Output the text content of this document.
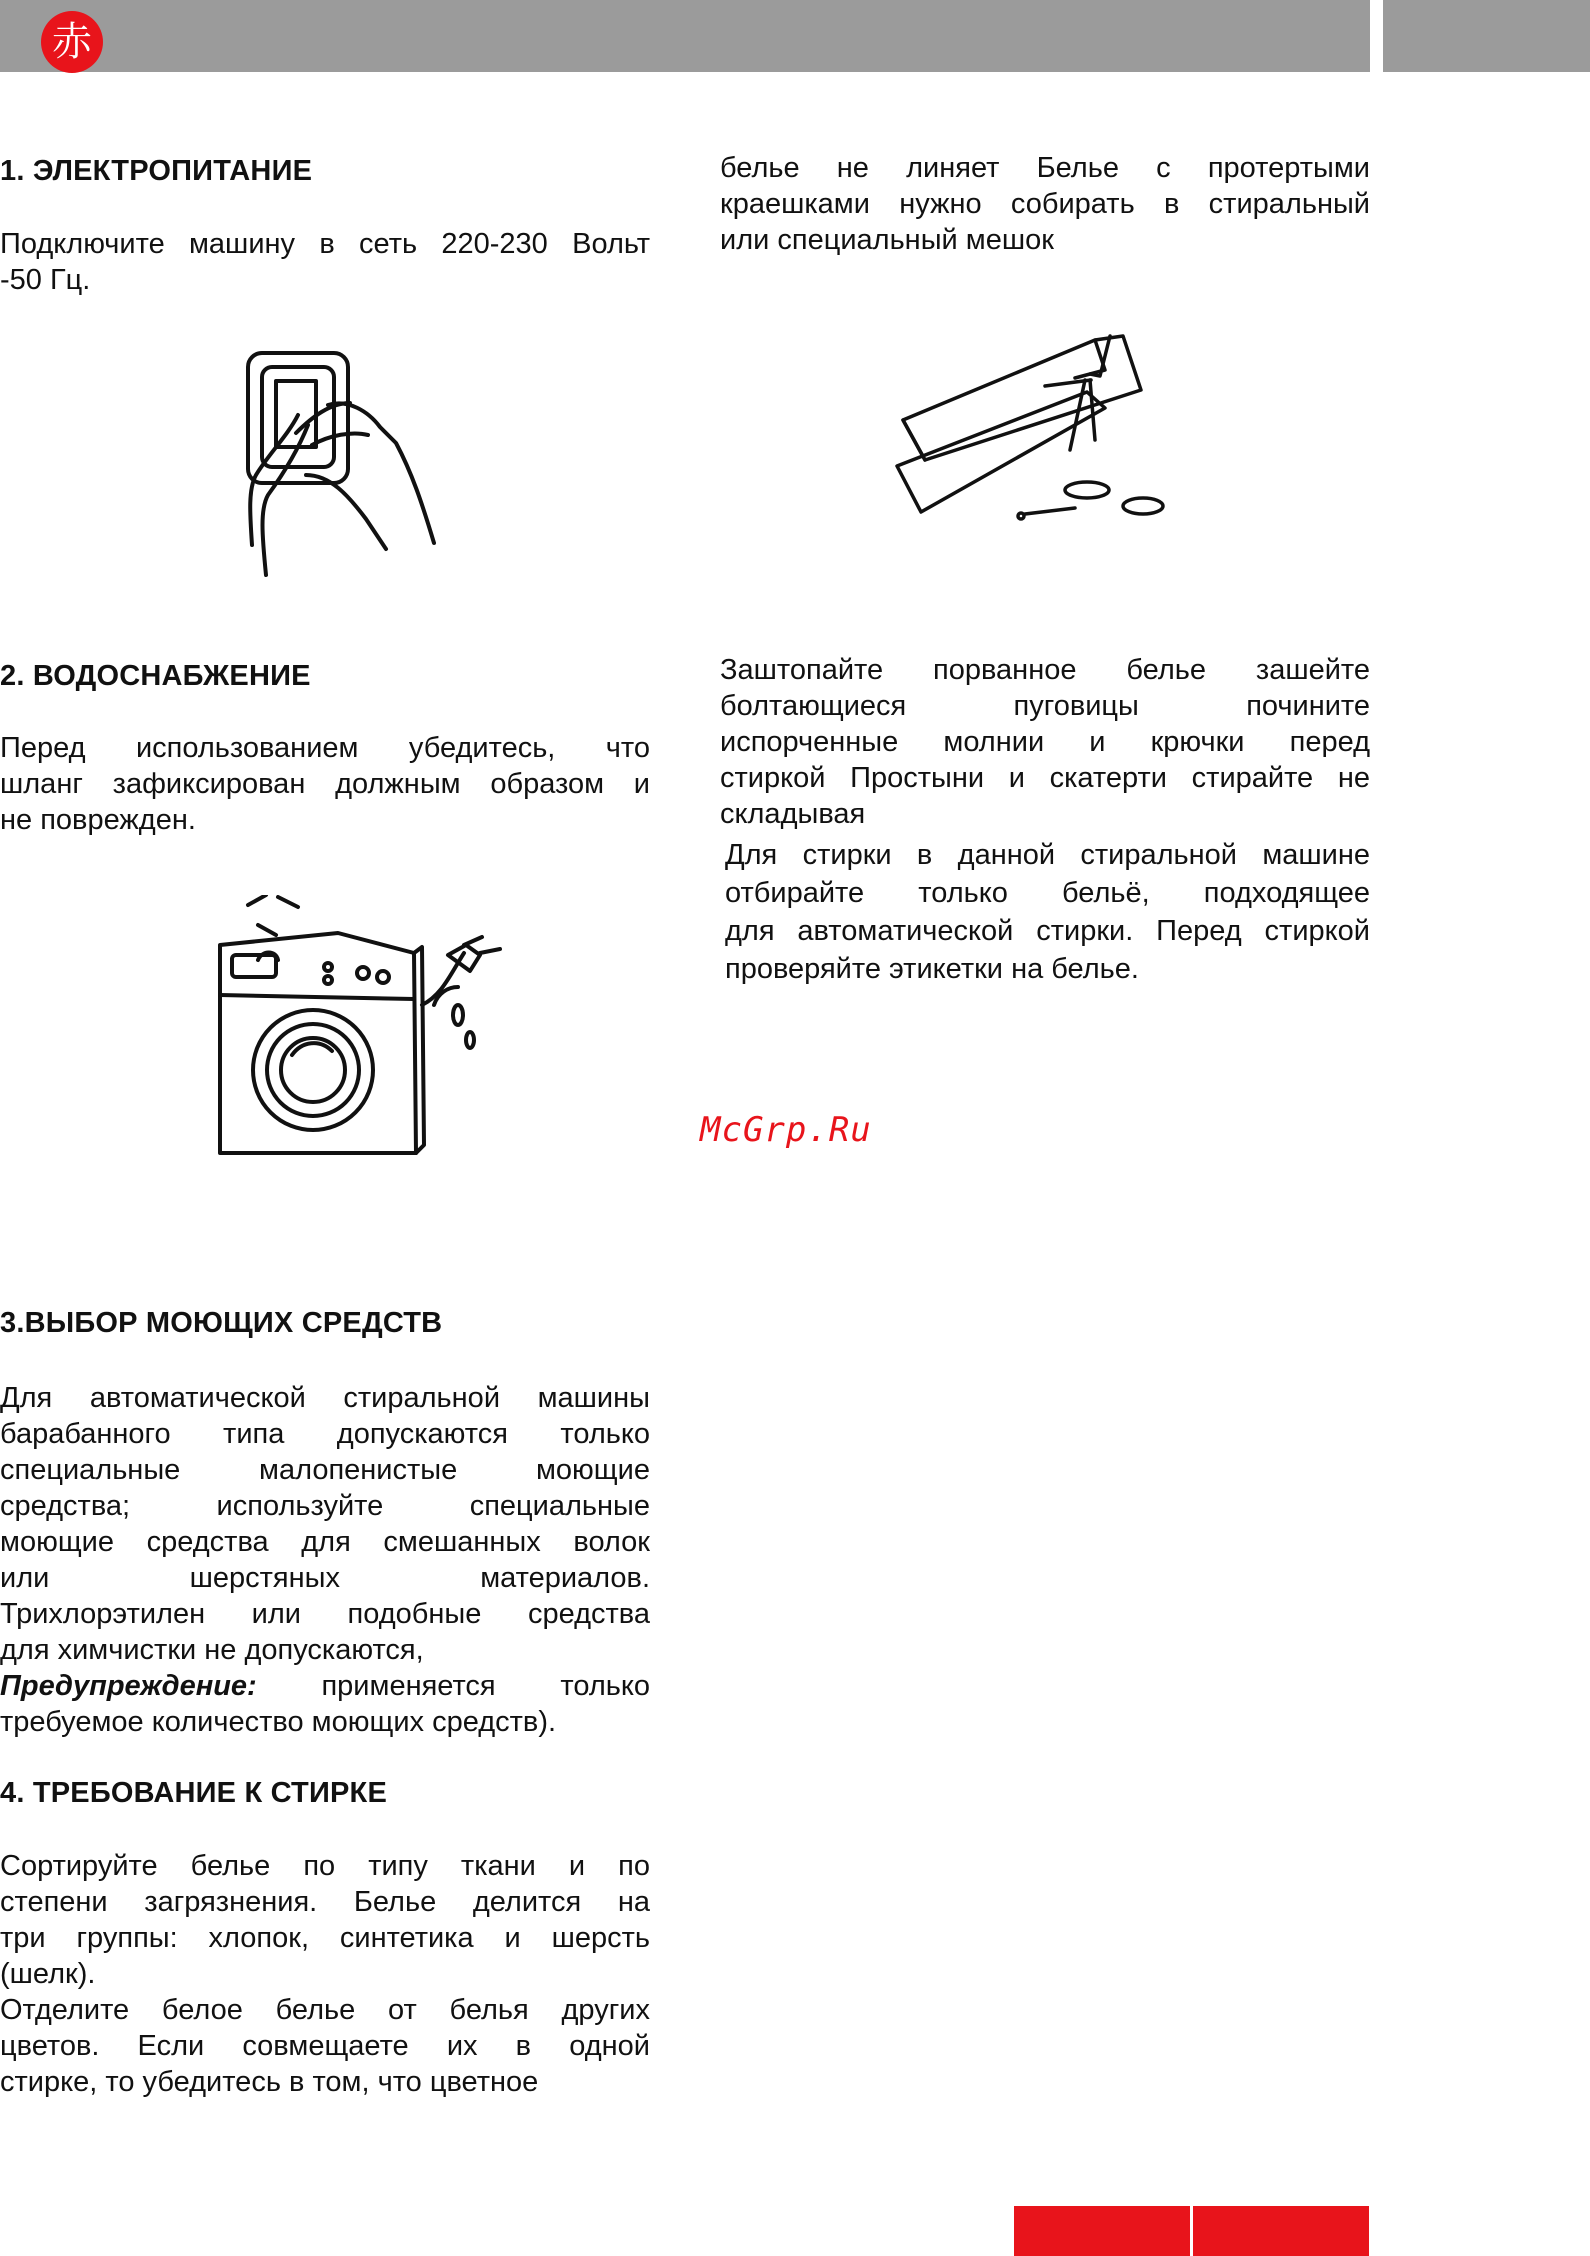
赤
1. ЭЛЕКТРОПИТАНИЕ
Подключите машину в сеть 220-230 Вольт
-50 Гц.
2. ВОДОСНАБЖЕНИЕ
Перед использованием убедитесь, что
шланг зафиксирован должным образом и
не поврежден.
3.ВЫБОР МОЮЩИХ СРЕДСТВ
Для автоматической стиральной машины
барабанного типа допускаются только
специальные малопенистые моющие
средства; используйте специальные
моющие средства для смешанных волок
или шерстяных материалов.
Трихлорэтилен или подобные средства
для химчистки не допускаются,
Предупреждение: применяется только
требуемое количество моющих средств).
4. ТРЕБОВАНИЕ К СТИРКЕ
Сортируйте белье по типу ткани и по
степени загрязнения. Белье делится на
три группы: хлопок, синтетика и шерсть
(шелк).
Отделите белое белье от белья других
цветов. Если совмещаете их в одной
стирке, то убедитесь в том, что цветное
белье не линяет Белье с протертыми
краешками нужно собирать в стиральный
или специальный мешок
Заштопайте порванное белье зашейте
болтающиеся пуговицы почините
испорченные молнии и крючки перед
стиркой Простыни и скатерти стирайте не
складывая
Для стирки в данной стиральной машине
отбирайте только бельё, подходящее
для автоматической стирки. Перед стиркой
проверяйте этикетки на белье.
McGrp.Ru
